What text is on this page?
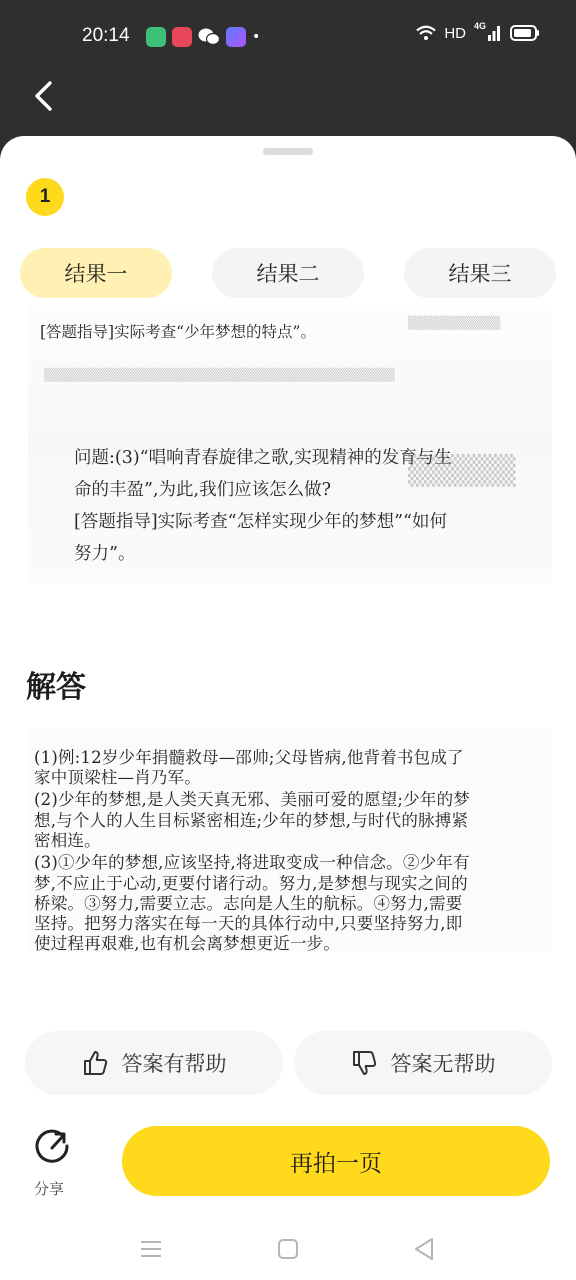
20:14	•	HD 4G
1
结果一	结果二	结果三
▒▒▒▒▒▒▒▒▒▒
▒▒▒▒▒▒▒▒▒▒▒▒▒▒▒▒▒▒▒▒▒▒▒▒▒▒▒▒▒▒▒▒▒▒▒▒▒▒
▒▒▒▒▒
[答题指导]实际考查“少年梦想的特点”。
问题:(3)“唱响青春旋律之歌,实现精神的发育与生
命的丰盈”,为此,我们应该怎么做?
[答题指导]实际考查“怎样实现少年的梦想”“如何
努力”。
解答
(1)例:12岁少年捐髓救母—邵帅;父母皆病,他背着书包成了
家中顶梁柱—肖乃军。
(2)少年的梦想,是人类天真无邪、美丽可爱的愿望;少年的梦
想,与个人的人生目标紧密相连;少年的梦想,与时代的脉搏紧
密相连。
(3)①少年的梦想,应该坚持,将进取变成一种信念。②少年有
梦,不应止于心动,更要付诸行动。努力,是梦想与现实之间的
桥梁。③努力,需要立志。志向是人生的航标。④努力,需要
坚持。把努力落实在每一天的具体行动中,只要坚持努力,即
使过程再艰难,也有机会离梦想更近一步。
答案有帮助	答案无帮助
分享
再拍一页
